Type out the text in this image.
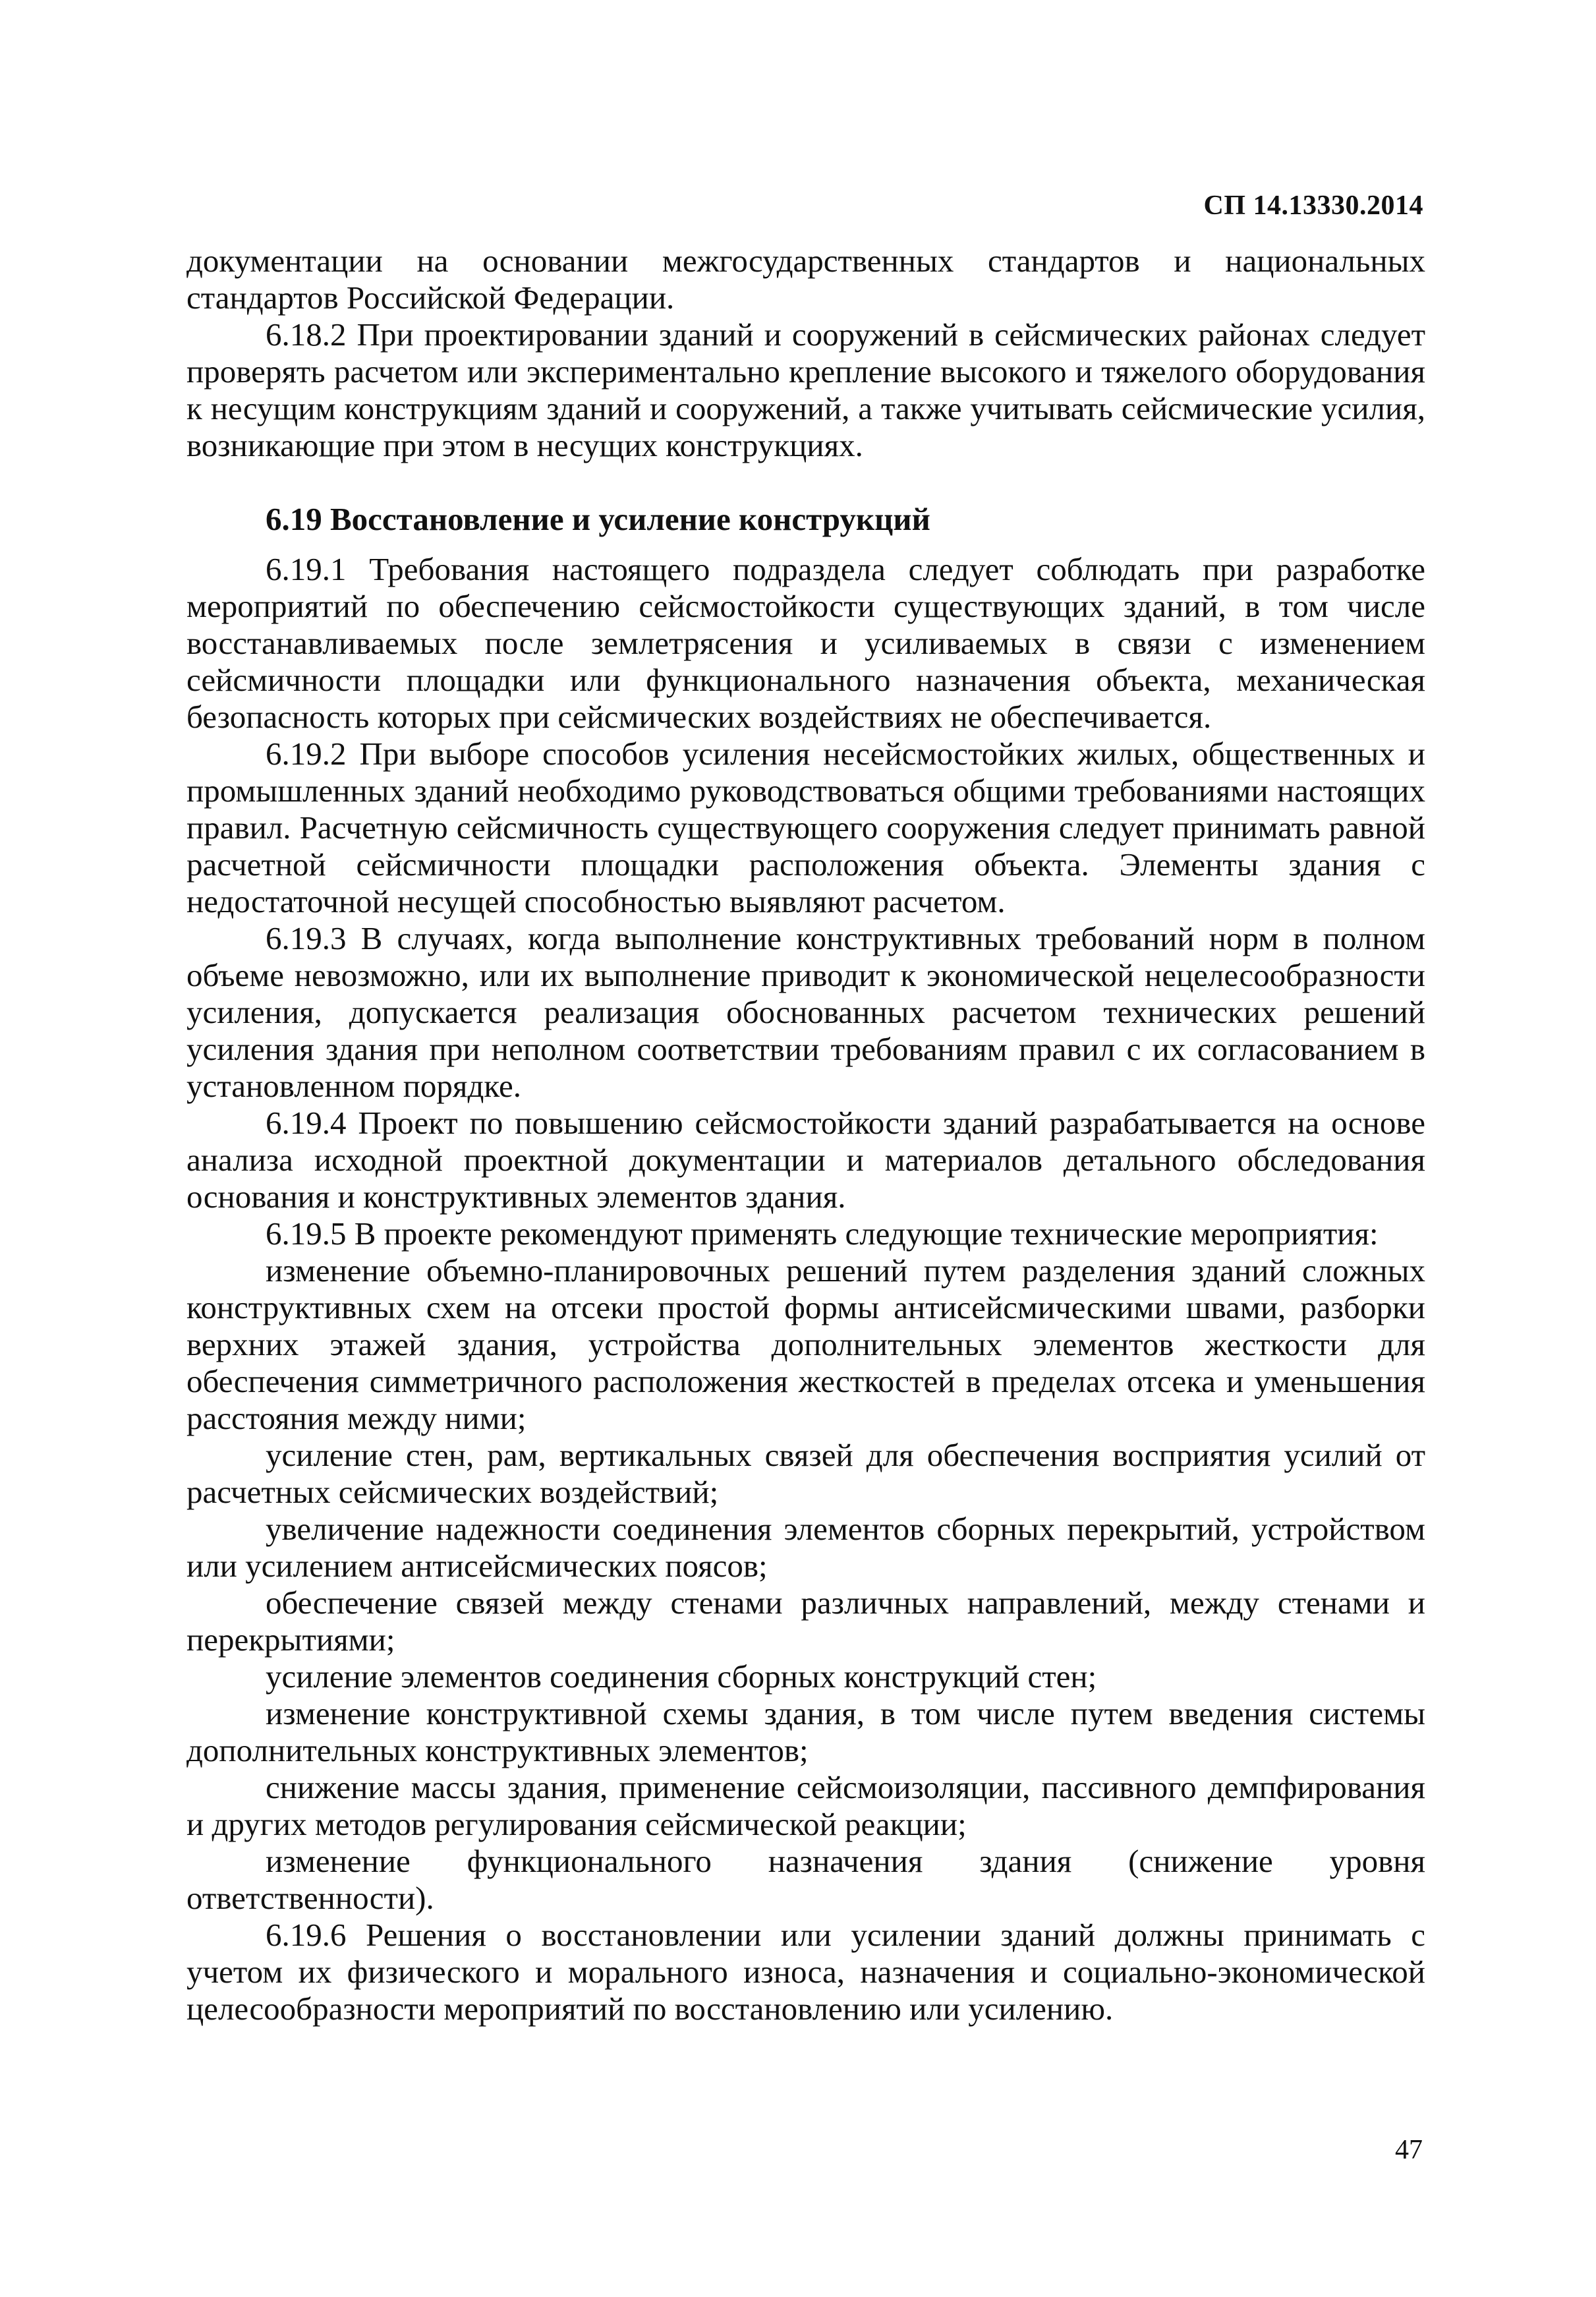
СП 14.13330.2014

документации на основании межгосударственных стандартов и национальных стандартов Российской Федерации.

6.18.2 При проектировании зданий и сооружений в сейсмических районах следует проверять расчетом или экспериментально крепление высокого и тяжелого оборудования к несущим конструкциям зданий и сооружений, а также учитывать сейсмические усилия, возникающие при этом в несущих конструкциях.

6.19 Восстановление и усиление конструкций

6.19.1 Требования настоящего подраздела следует соблюдать при разработке мероприятий по обеспечению сейсмостойкости существующих зданий, в том числе восстанавливаемых после землетрясения и усиливаемых в связи с изменением сейсмичности площадки или функционального назначения объекта, механическая безопасность которых при сейсмических воздействиях не обеспечивается.

6.19.2 При выборе способов усиления несейсмостойких жилых, общественных и промышленных зданий необходимо руководствоваться общими требованиями настоящих правил. Расчетную сейсмичность существующего сооружения следует принимать равной расчетной сейсмичности площадки расположения объекта. Элементы здания с недостаточной несущей способностью выявляют расчетом.

6.19.3 В случаях, когда выполнение конструктивных требований норм в полном объеме невозможно, или их выполнение приводит к экономической нецелесообразности усиления, допускается реализация обоснованных расчетом технических решений усиления здания при неполном соответствии требованиям правил с их согласованием в установленном порядке.

6.19.4 Проект по повышению сейсмостойкости зданий разрабатывается на основе анализа исходной проектной документации и материалов детального обследования основания и конструктивных элементов здания.

6.19.5 В проекте рекомендуют применять следующие технические мероприятия:

изменение объемно-планировочных решений путем разделения зданий сложных конструктивных схем на отсеки простой формы антисейсмическими швами, разборки верхних этажей здания, устройства дополнительных элементов жесткости для обеспечения симметричного расположения жесткостей в пределах отсека и уменьшения расстояния между ними;

усиление стен, рам, вертикальных связей для обеспечения восприятия усилий от расчетных сейсмических воздействий;

увеличение надежности соединения элементов сборных перекрытий, устройством или усилением антисейсмических поясов;

обеспечение связей между стенами различных направлений, между стенами и перекрытиями;

усиление элементов соединения сборных конструкций стен;

изменение конструктивной схемы здания, в том числе путем введения системы дополнительных конструктивных элементов;

снижение массы здания, применение сейсмоизоляции, пассивного демпфирования и других методов регулирования сейсмической реакции;

изменение функционального назначения здания (снижение уровня ответственности).

6.19.6 Решения о восстановлении или усилении зданий должны принимать с учетом их физического и морального износа, назначения и социально-экономической целесообразности мероприятий по восстановлению или усилению.

47
